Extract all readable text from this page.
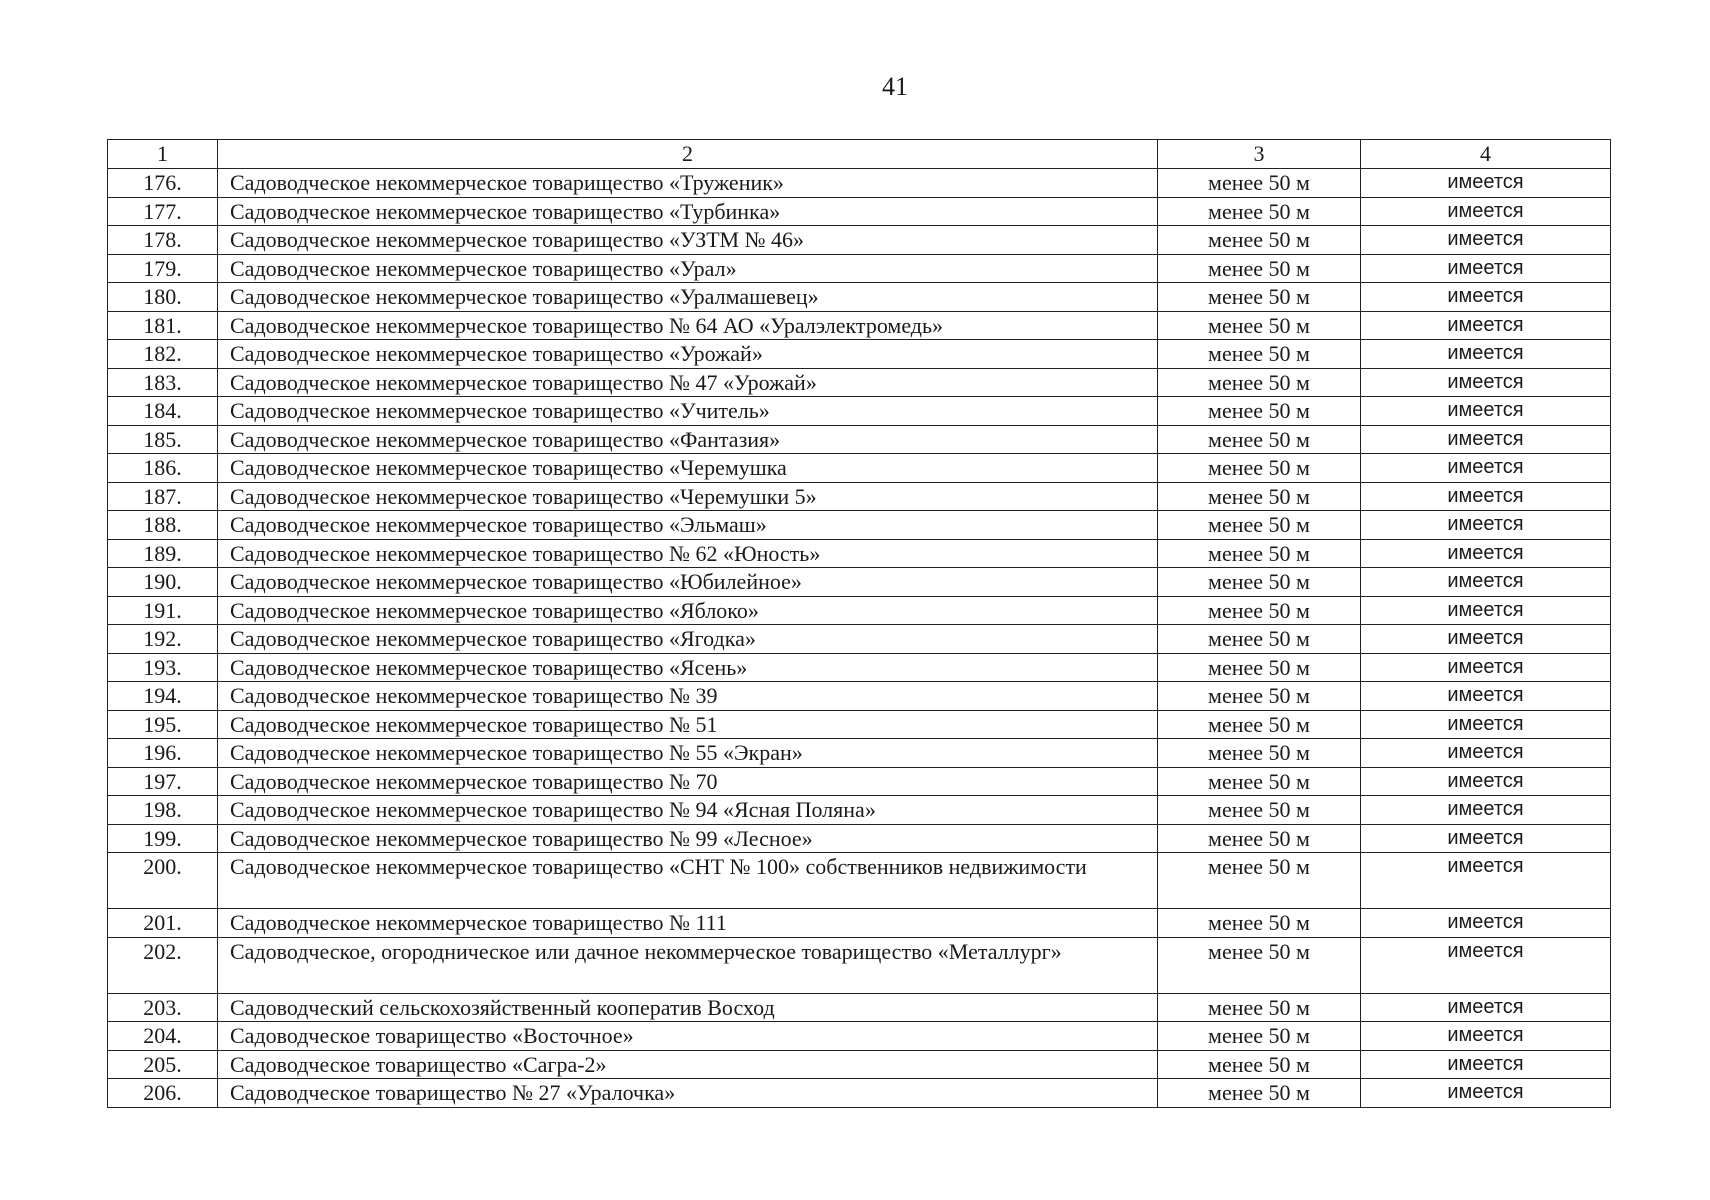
41
1	2	3	4
176.	Садоводческое некоммерческое товарищество «Труженик»	менее 50 м	имеется
177.	Садоводческое некоммерческое товарищество «Турбинка»	менее 50 м	имеется
178.	Садоводческое некоммерческое товарищество «УЗТМ № 46»	менее 50 м	имеется
179.	Садоводческое некоммерческое товарищество «Урал»	менее 50 м	имеется
180.	Садоводческое некоммерческое товарищество «Уралмашевец»	менее 50 м	имеется
181.	Садоводческое некоммерческое товарищество № 64 АО «Уралэлектромедь»	менее 50 м	имеется
182.	Садоводческое некоммерческое товарищество «Урожай»	менее 50 м	имеется
183.	Садоводческое некоммерческое товарищество № 47 «Урожай»	менее 50 м	имеется
184.	Садоводческое некоммерческое товарищество «Учитель»	менее 50 м	имеется
185.	Садоводческое некоммерческое товарищество «Фантазия»	менее 50 м	имеется
186.	Садоводческое некоммерческое товарищество «Черемушка	менее 50 м	имеется
187.	Садоводческое некоммерческое товарищество «Черемушки 5»	менее 50 м	имеется
188.	Садоводческое некоммерческое товарищество «Эльмаш»	менее 50 м	имеется
189.	Садоводческое некоммерческое товарищество № 62 «Юность»	менее 50 м	имеется
190.	Садоводческое некоммерческое товарищество «Юбилейное»	менее 50 м	имеется
191.	Садоводческое некоммерческое товарищество «Яблоко»	менее 50 м	имеется
192.	Садоводческое некоммерческое товарищество «Ягодка»	менее 50 м	имеется
193.	Садоводческое некоммерческое товарищество «Ясень»	менее 50 м	имеется
194.	Садоводческое некоммерческое товарищество № 39	менее 50 м	имеется
195.	Садоводческое некоммерческое товарищество № 51	менее 50 м	имеется
196.	Садоводческое некоммерческое товарищество № 55 «Экран»	менее 50 м	имеется
197.	Садоводческое некоммерческое товарищество № 70	менее 50 м	имеется
198.	Садоводческое некоммерческое товарищество № 94 «Ясная Поляна»	менее 50 м	имеется
199.	Садоводческое некоммерческое товарищество № 99 «Лесное»	менее 50 м	имеется
200.	Садоводческое некоммерческое товарищество «СНТ № 100» собственников недвижимости	менее 50 м	имеется
201.	Садоводческое некоммерческое товарищество № 111	менее 50 м	имеется
202.	Садоводческое, огородническое или дачное некоммерческое товарищество «Металлург»	менее 50 м	имеется
203.	Садоводческий сельскохозяйственный кооператив Восход	менее 50 м	имеется
204.	Садоводческое товарищество «Восточное»	менее 50 м	имеется
205.	Садоводческое товарищество «Сагра-2»	менее 50 м	имеется
206.	Садоводческое товарищество № 27 «Уралочка»	менее 50 м	имеется
